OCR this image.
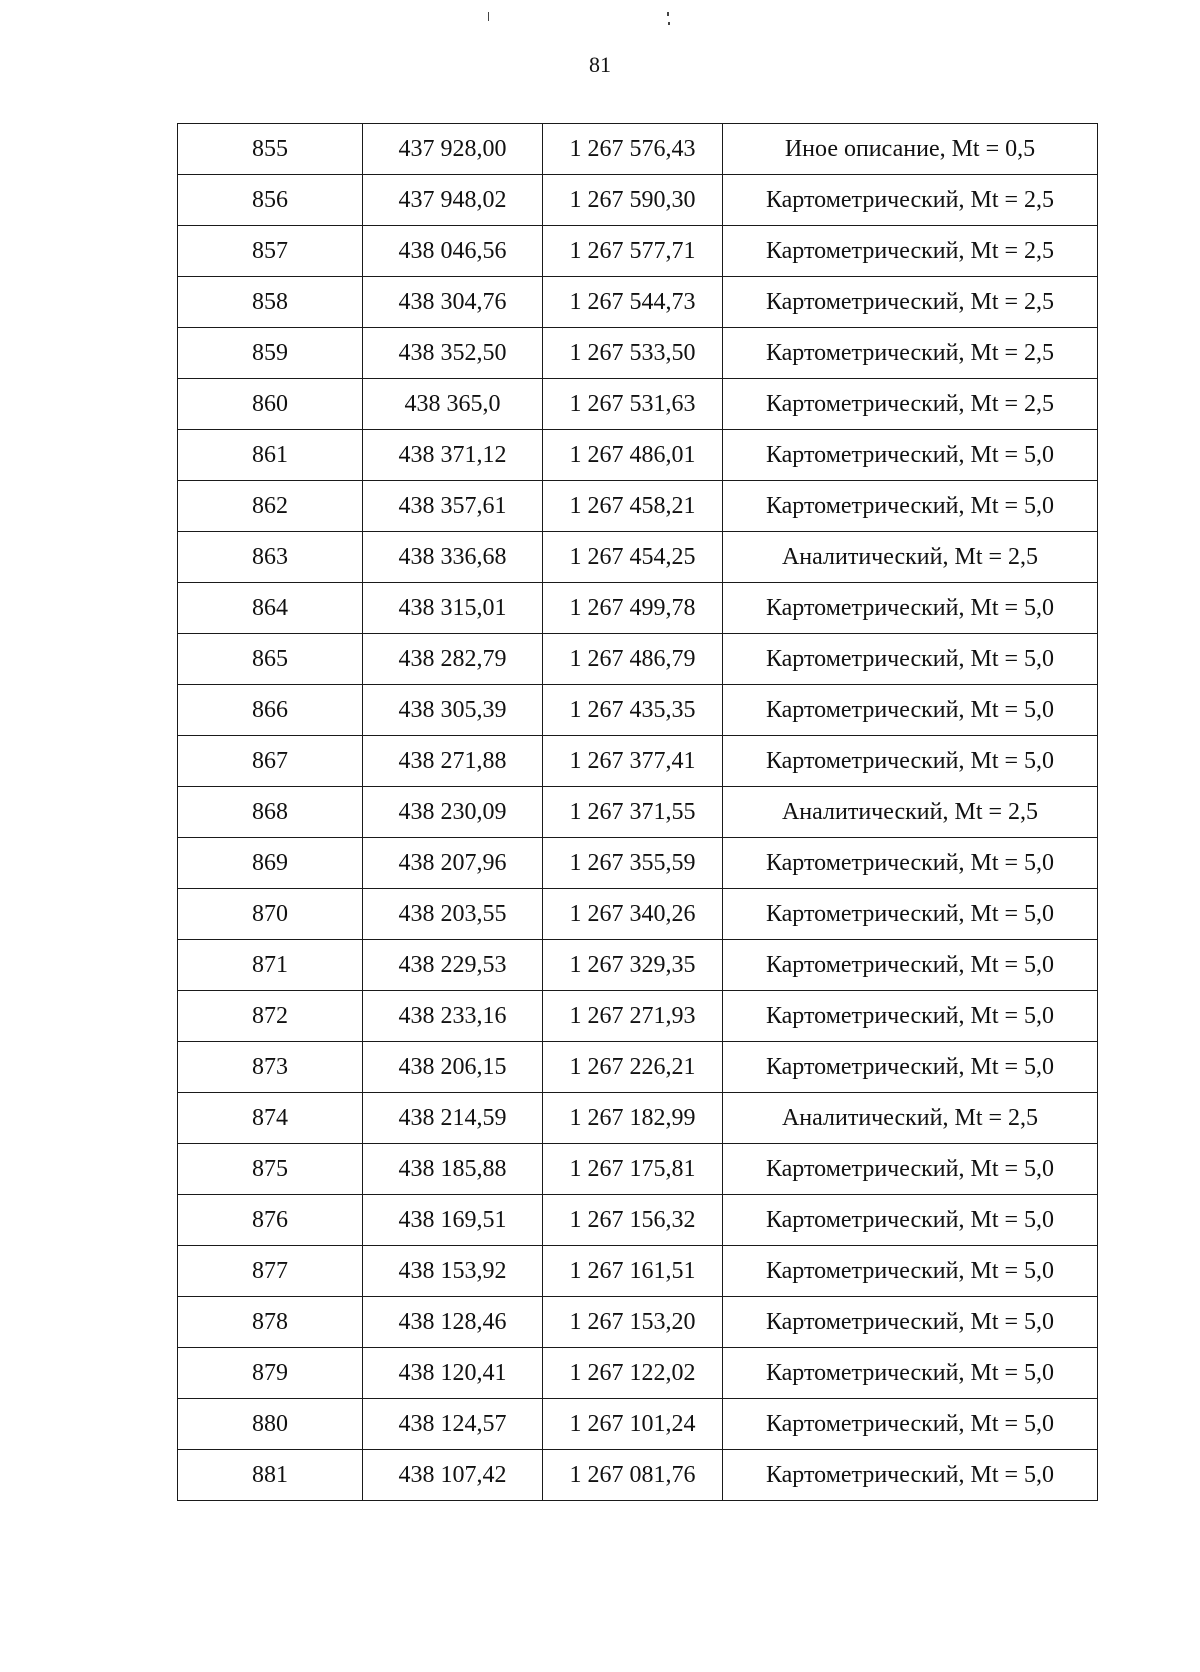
81
855	437 928,00	1 267 576,43	Иное описание, Mt = 0,5
856	437 948,02	1 267 590,30	Картометрический, Mt = 2,5
857	438 046,56	1 267 577,71	Картометрический, Mt = 2,5
858	438 304,76	1 267 544,73	Картометрический, Mt = 2,5
859	438 352,50	1 267 533,50	Картометрический, Mt = 2,5
860	438 365,0	1 267 531,63	Картометрический, Mt = 2,5
861	438 371,12	1 267 486,01	Картометрический, Mt = 5,0
862	438 357,61	1 267 458,21	Картометрический, Mt = 5,0
863	438 336,68	1 267 454,25	Аналитический, Mt = 2,5
864	438 315,01	1 267 499,78	Картометрический, Mt = 5,0
865	438 282,79	1 267 486,79	Картометрический, Mt = 5,0
866	438 305,39	1 267 435,35	Картометрический, Mt = 5,0
867	438 271,88	1 267 377,41	Картометрический, Mt = 5,0
868	438 230,09	1 267 371,55	Аналитический, Mt = 2,5
869	438 207,96	1 267 355,59	Картометрический, Mt = 5,0
870	438 203,55	1 267 340,26	Картометрический, Mt = 5,0
871	438 229,53	1 267 329,35	Картометрический, Mt = 5,0
872	438 233,16	1 267 271,93	Картометрический, Mt = 5,0
873	438 206,15	1 267 226,21	Картометрический, Mt = 5,0
874	438 214,59	1 267 182,99	Аналитический, Mt = 2,5
875	438 185,88	1 267 175,81	Картометрический, Mt = 5,0
876	438 169,51	1 267 156,32	Картометрический, Mt = 5,0
877	438 153,92	1 267 161,51	Картометрический, Mt = 5,0
878	438 128,46	1 267 153,20	Картометрический, Mt = 5,0
879	438 120,41	1 267 122,02	Картометрический, Mt = 5,0
880	438 124,57	1 267 101,24	Картометрический, Mt = 5,0
881	438 107,42	1 267 081,76	Картометрический, Mt = 5,0
